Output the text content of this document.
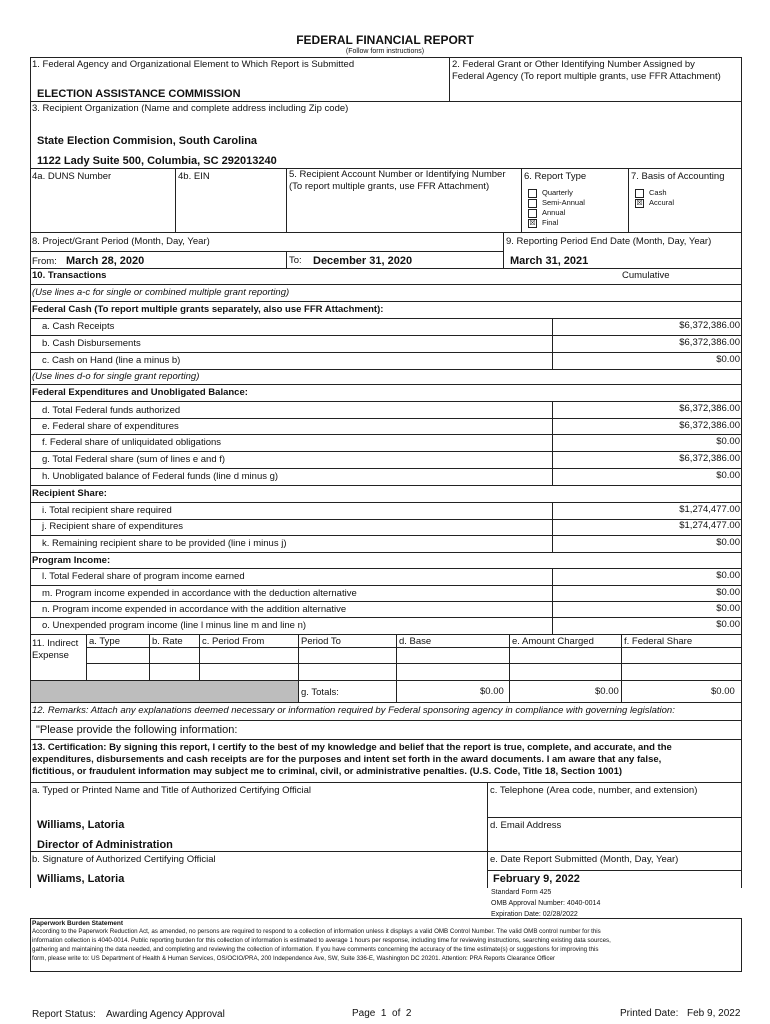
FEDERAL FINANCIAL REPORT
(Follow form instructions)
1. Federal Agency and Organizational Element to Which Report is Submitted
ELECTION ASSISTANCE COMMISSION
2. Federal Grant or Other Identifying Number Assigned by
Federal Agency (To report multiple grants, use FFR Attachment)
3. Recipient Organization (Name and complete address including Zip code)
State Election Commision, South Carolina
1122 Lady Suite 500, Columbia, SC 292013240
4a. DUNS Number	4b. EIN	5. Recipient Account Number or Identifying Number
(To report multiple grants, use FFR Attachment)
6. Report Type
Quarterly
Semi-Annual
Annual
☒ Final
7. Basis of Accounting
Cash
☒ Accural
8. Project/Grant Period (Month, Day, Year)	9. Reporting Period End Date (Month, Day, Year)
From: March 28, 2020	To: December 31, 2020	March 31, 2021
10. Transactions	Cumulative
(Use lines a-c for single or combined multiple grant reporting)
Federal Cash (To report multiple grants separately, also use FFR Attachment):
a. Cash Receipts	$6,372,386.00
b. Cash Disbursements	$6,372,386.00
c. Cash on Hand (line a minus b)	$0.00
(Use lines d-o for single grant reporting)
Federal Expenditures and Unobligated Balance:
d. Total Federal funds authorized	$6,372,386.00
e. Federal share of expenditures	$6,372,386.00
f. Federal share of unliquidated obligations	$0.00
g. Total Federal share (sum of lines e and f)	$6,372,386.00
h. Unobligated balance of Federal funds (line d minus g)	$0.00
Recipient Share:
i. Total recipient share required	$1,274,477.00
j. Recipient share of expenditures	$1,274,477.00
k. Remaining recipient share to be provided (line i minus j)	$0.00
Program Income:
l. Total Federal share of program income earned	$0.00
m. Program income expended in accordance with the deduction alternative	$0.00
n. Program income expended in accordance with the addition alternative	$0.00
o. Unexpended program income (line l minus line m and line n)	$0.00
11. Indirect
Expense
a. Type	b. Rate c. Period From	Period To	d. Base	e. Amount Charged	f. Federal Share
g. Totals:	$0.00	$0.00	$0.00
12. Remarks: Attach any explanations deemed necessary or information required by Federal sponsoring agency in compliance with governing legislation:
"Please provide the following information:
13. Certification: By signing this report, I certify to the best of my knowledge and belief that the report is true, complete, and accurate, and the
expenditures, disbursements and cash receipts are for the purposes and intent set forth in the award documents. I am aware that any false,
fictitious, or fraudulent information may subject me to criminal, civil, or administrative penalties. (U.S. Code, Title 18, Section 1001)
a. Typed or Printed Name and Title of Authorized Certifying Official	c. Telephone (Area code, number, and extension)
d. Email Address
Williams, Latoria
Director of Administration
b. Signature of Authorized Certifying Official	e. Date Report Submitted (Month, Day, Year)
Williams, Latoria	February 9, 2022
Standard Form 425
OMB Approval Number: 4040-0014
Expiration Date: 02/28/2022
Paperwork Burden Statement
According to the Paperwork Reduction Act, as amended, no persons are required to respond to a collection of information unless it displays a valid OMB Control Number. The valid OMB control number for this
information collection is 4040-0014. Public reporting burden for this collection of information is estimated to average 1 hours per response, including time for reviewing instructions, searching existing data sources,
gathering and maintaining the data needed, and completing and reviewing the collection of information. If you have comments concerning the accuracy of the time estimate(s) or suggestions for improving this
form, please write to: US Department of Health & Human Services, OS/OCIO/PRA, 200 Independence Ave, SW, Suite 336-E, Washington DC 20201. Attention: PRA Reports Clearance Officer
Report Status: Awarding Agency Approval	Page  1  of  2	Printed Date: Feb 9, 2022
